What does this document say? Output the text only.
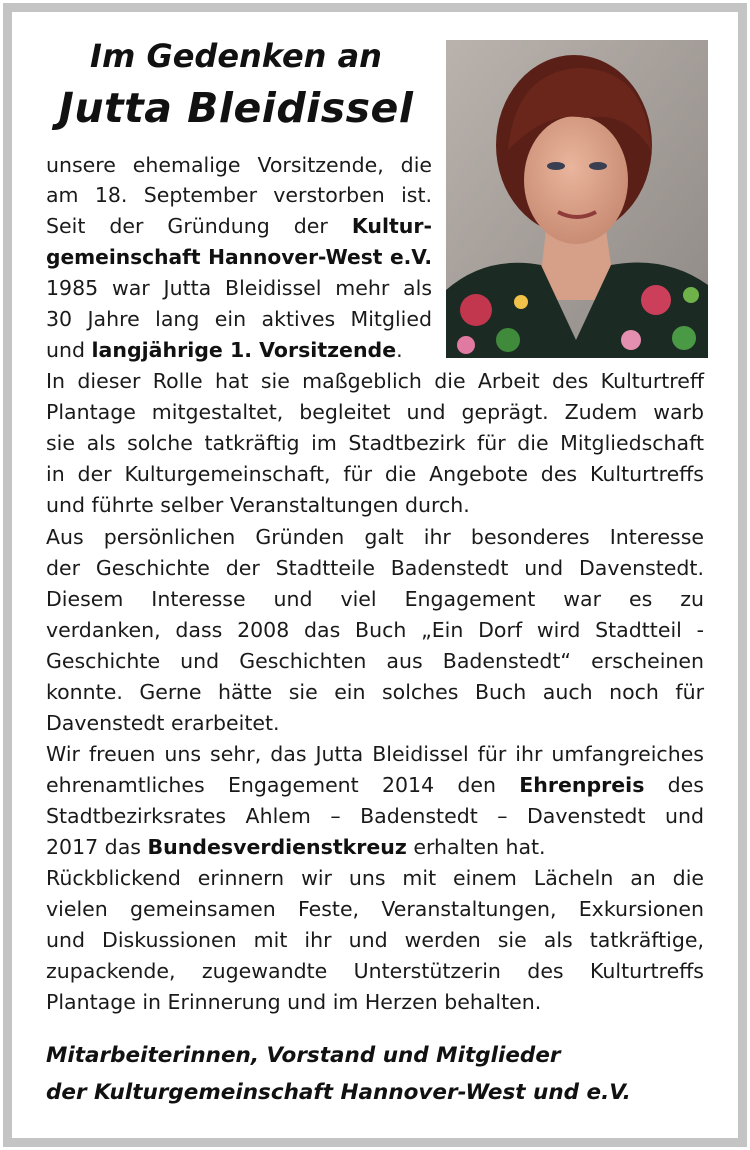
Im Gedenken an
Jutta Bleidissel
unsere ehemalige Vorsitzende, die
am 18. September verstorben ist.
Seit der Gründung der Kultur-
gemeinschaft Hannover-West e.V.
1985 war Jutta Bleidissel mehr als
30 Jahre lang ein aktives Mitglied
und langjährige 1. Vorsitzende.
In dieser Rolle hat sie maßgeblich die Arbeit des Kulturtreff
Plantage mitgestaltet, begleitet und geprägt. Zudem warb
sie als solche tatkräftig im Stadtbezirk für die Mitgliedschaft
in der Kulturgemeinschaft, für die Angebote des Kulturtreffs
und führte selber Veranstaltungen durch.
Aus persönlichen Gründen galt ihr besonderes Interesse
der Geschichte der Stadtteile Badenstedt und Davenstedt.
Diesem Interesse und viel Engagement war es zu
verdanken, dass 2008 das Buch „Ein Dorf wird Stadtteil -
Geschichte und Geschichten aus Badenstedt“ erscheinen
konnte. Gerne hätte sie ein solches Buch auch noch für
Davenstedt erarbeitet.
Wir freuen uns sehr, das Jutta Bleidissel für ihr umfangreiches
ehrenamtliches Engagement 2014 den Ehrenpreis des
Stadtbezirksrates Ahlem – Badenstedt – Davenstedt und
2017 das Bundesverdienstkreuz erhalten hat.
Rückblickend erinnern wir uns mit einem Lächeln an die
vielen gemeinsamen Feste, Veranstaltungen, Exkursionen
und Diskussionen mit ihr und werden sie als tatkräftige,
zupackende, zugewandte Unterstützerin des Kulturtreffs
Plantage in Erinnerung und im Herzen behalten.
Mitarbeiterinnen, Vorstand und Mitglieder
der Kulturgemeinschaft Hannover-West und e.V.
